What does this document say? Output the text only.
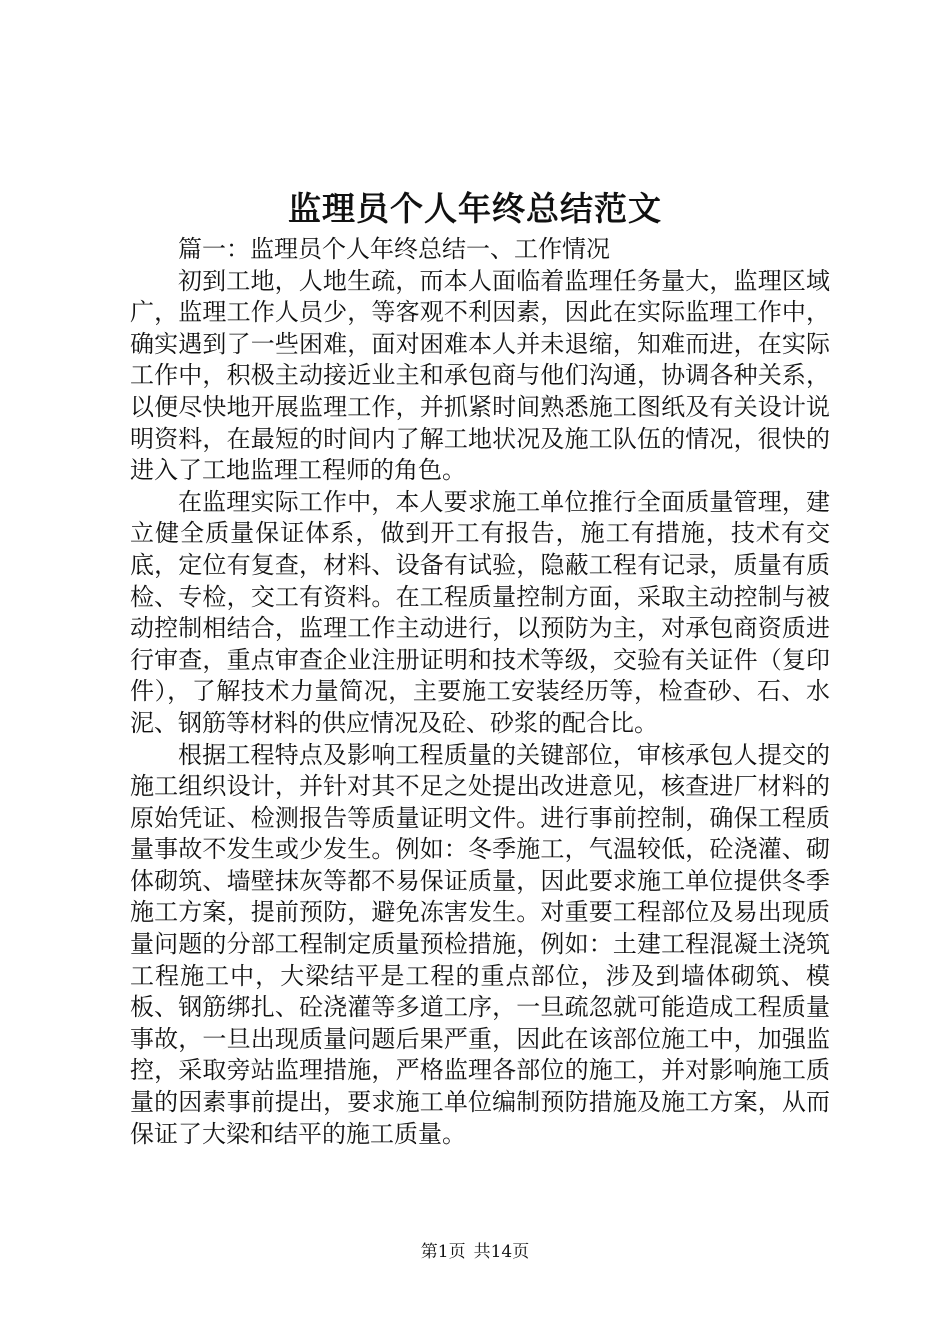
监理员个人年终总结范文

篇一：监理员个人年终总结一、工作情况

初到工地，人地生疏，而本人面临着监理任务量大，监理区域广，监理工作人员少，等客观不利因素，因此在实际监理工作中，确实遇到了一些困难，面对困难本人并未退缩，知难而进，在实际工作中，积极主动接近业主和承包商与他们沟通，协调各种关系，以便尽快地开展监理工作，并抓紧时间熟悉施工图纸及有关设计说明资料，在最短的时间内了解工地状况及施工队伍的情况，很快的进入了工地监理工程师的角色。

在监理实际工作中，本人要求施工单位推行全面质量管理，建立健全质量保证体系，做到开工有报告，施工有措施，技术有交底，定位有复查，材料、设备有试验，隐蔽工程有记录，质量有质检、专检，交工有资料。在工程质量控制方面，采取主动控制与被动控制相结合，监理工作主动进行，以预防为主，对承包商资质进行审查，重点审查企业注册证明和技术等级，交验有关证件（复印件），了解技术力量简况，主要施工安装经历等，检查砂、石、水泥、钢筋等材料的供应情况及砼、砂浆的配合比。

根据工程特点及影响工程质量的关键部位，审核承包人提交的施工组织设计，并针对其不足之处提出改进意见，核查进厂材料的原始凭证、检测报告等质量证明文件。进行事前控制，确保工程质量事故不发生或少发生。例如：冬季施工，气温较低，砼浇灌、砌体砌筑、墙壁抹灰等都不易保证质量，因此要求施工单位提供冬季施工方案，提前预防，避免冻害发生。对重要工程部位及易出现质量问题的分部工程制定质量预检措施，例如：土建工程混凝土浇筑工程施工中，大梁结平是工程的重点部位，涉及到墙体砌筑、模板、钢筋绑扎、砼浇灌等多道工序，一旦疏忽就可能造成工程质量事故，一旦出现质量问题后果严重，因此在该部位施工中，加强监控，采取旁站监理措施，严格监理各部位的施工，并对影响施工质量的因素事前提出，要求施工单位编制预防措施及施工方案，从而保证了大梁和结平的施工质量。

第1页 共14页
